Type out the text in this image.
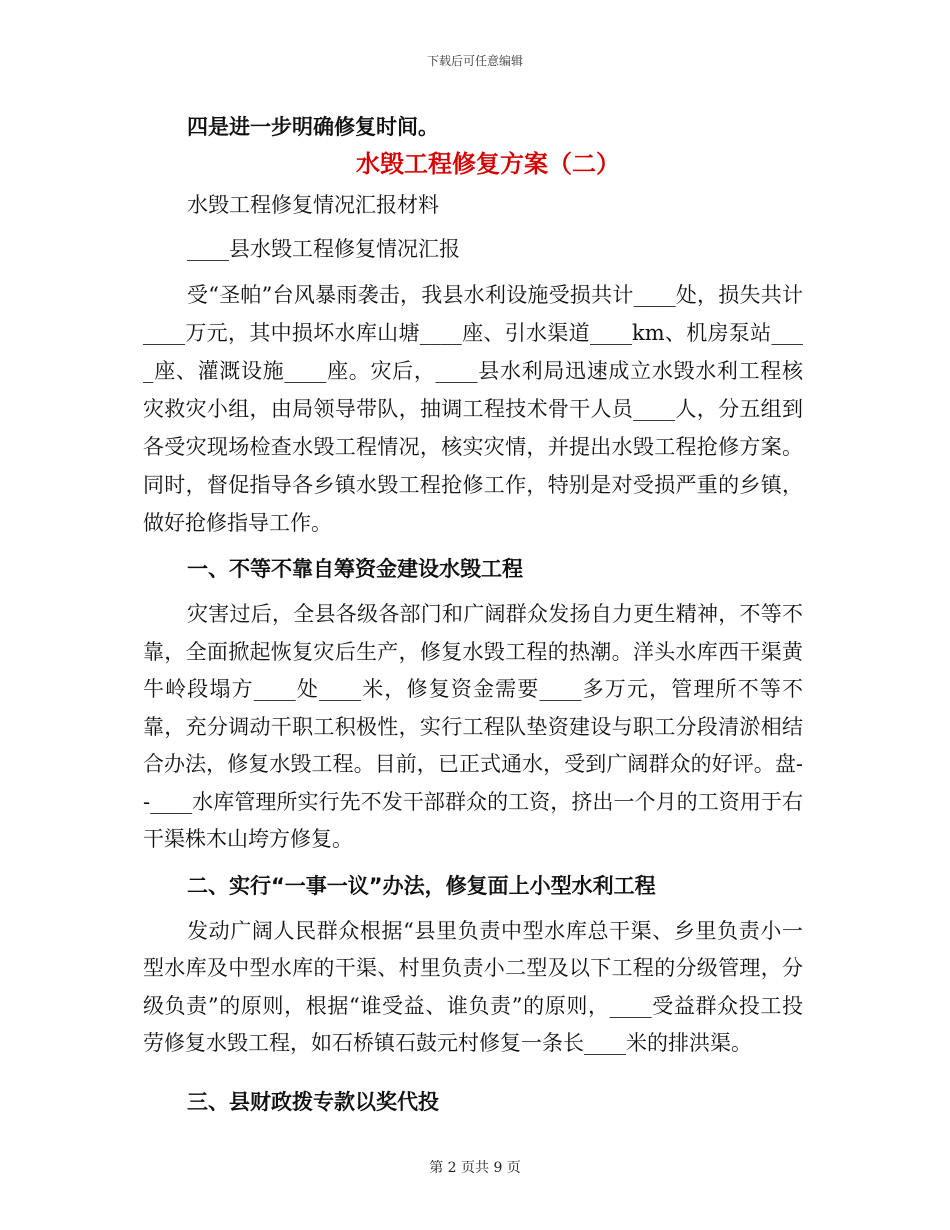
下载后可任意编辑

四是进一步明确修复时间。

水毁工程修复方案（二）

水毁工程修复情况汇报材料

____县水毁工程修复情况汇报

受“圣帕”台风暴雨袭击，我县水利设施受损共计____处，损失共计____万元，其中损坏水库山塘____座、引水渠道____km、机房泵站____座、灌溉设施____座。灾后，____县水利局迅速成立水毁水利工程核灾救灾小组，由局领导带队，抽调工程技术骨干人员____人，分五组到各受灾现场检查水毁工程情况，核实灾情，并提出水毁工程抢修方案。同时，督促指导各乡镇水毁工程抢修工作，特别是对受损严重的乡镇，做好抢修指导工作。

一、不等不靠自筹资金建设水毁工程

灾害过后，全县各级各部门和广阔群众发扬自力更生精神，不等不靠，全面掀起恢复灾后生产，修复水毁工程的热潮。洋头水库西干渠黄牛岭段塌方____处____米，修复资金需要____多万元，管理所不等不靠，充分调动干职工积极性，实行工程队垫资建设与职工分段清淤相结合办法，修复水毁工程。目前，已正式通水，受到广阔群众的好评。盘--____水库管理所实行先不发干部群众的工资，挤出一个月的工资用于右干渠株木山垮方修复。

二、实行“一事一议”办法，修复面上小型水利工程

发动广阔人民群众根据“县里负责中型水库总干渠、乡里负责小一型水库及中型水库的干渠、村里负责小二型及以下工程的分级管理，分级负责”的原则，根据“谁受益、谁负责”的原则，____受益群众投工投劳修复水毁工程，如石桥镇石鼓元村修复一条长____米的排洪渠。

三、县财政拨专款以奖代投

第 2 页共 9 页
